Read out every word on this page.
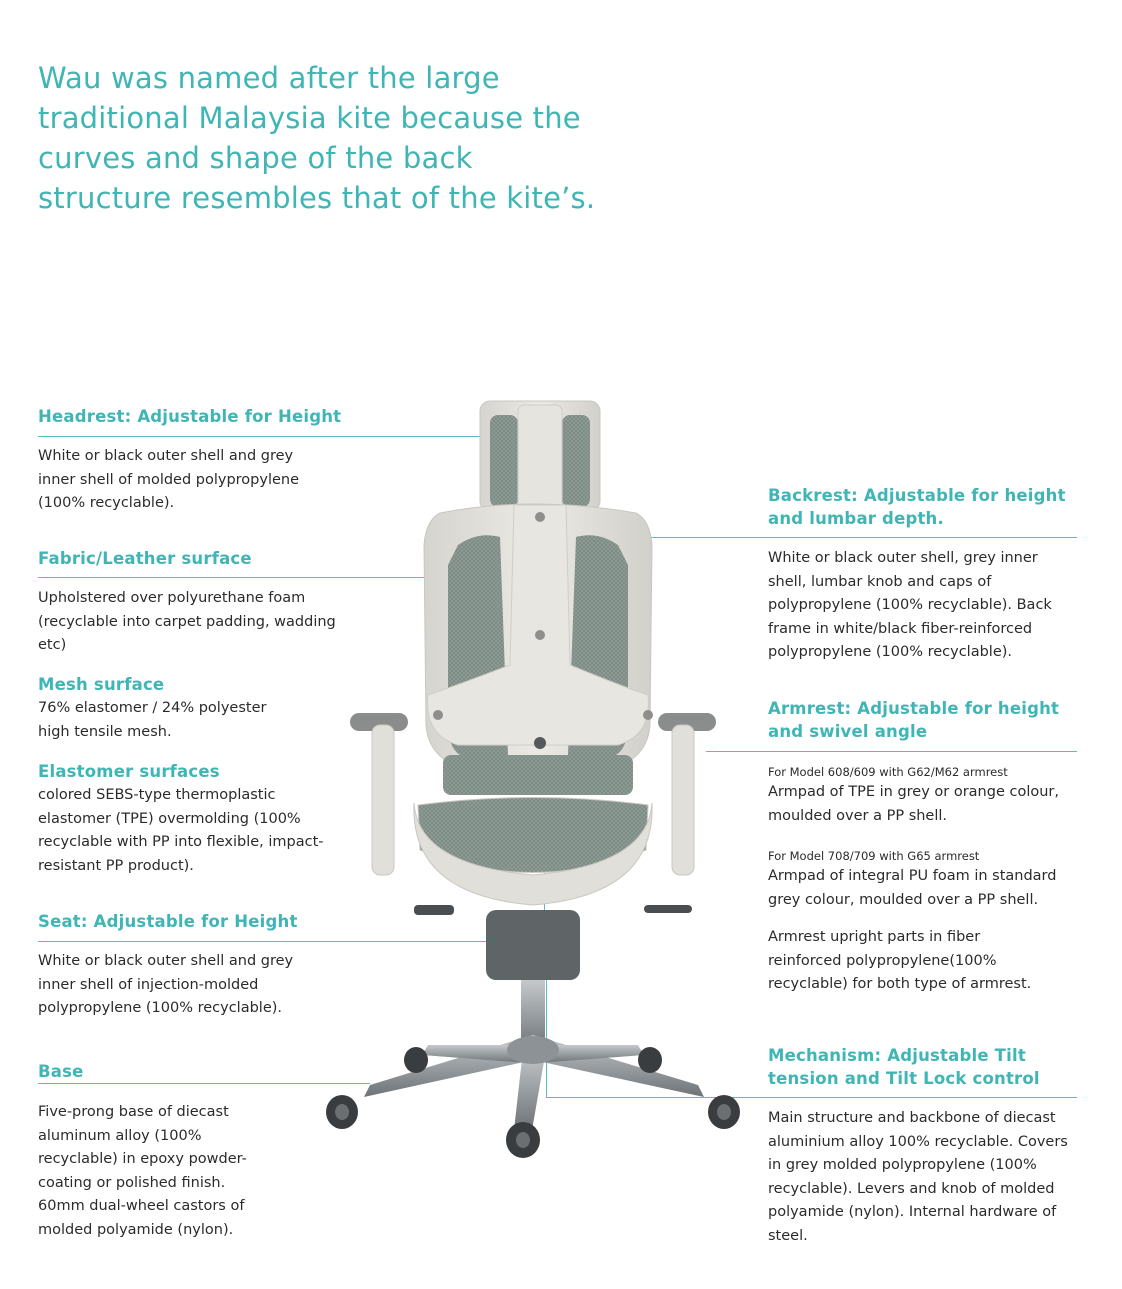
Wau was named after the large traditional Malaysia kite because the curves and shape of the back structure resembles that of the kite’s.
Headrest: Adjustable for Height

White or black outer shell and grey inner shell of molded polypropylene (100% recyclable).

Fabric/Leather surface

Upholstered over polyurethane foam (recyclable into carpet padding, wadding etc)

Mesh surface

76% elastomer / 24% polyester high tensile mesh.

Elastomer surfaces

colored SEBS-type thermoplastic elastomer (TPE) overmolding (100% recyclable with PP into flexible, impact-resistant PP product).

Seat: Adjustable for Height

White or black outer shell and grey inner shell of injection-molded polypropylene (100% recyclable).

Base

Five-prong base of diecast aluminum alloy (100% recyclable) in epoxy powder-coating or polished finish. 60mm dual-wheel castors of molded polyamide (nylon).

Backrest: Adjustable for height and lumbar depth.

White or black outer shell, grey inner shell, lumbar knob and caps of polypropylene (100% recyclable). Back frame in white/black fiber-reinforced polypropylene (100% recyclable).

Armrest: Adjustable for height and swivel angle

For Model 608/609 with G62/M62 armrest

Armpad of TPE in grey or orange colour, moulded over a PP shell.

For Model 708/709 with G65 armrest

Armpad of integral PU foam in standard grey colour, moulded over a PP shell.

Armrest upright parts in fiber reinforced polypropylene(100% recyclable) for both type of armrest.

Mechanism: Adjustable Tilt tension and Tilt Lock control

Main structure and backbone of diecast aluminium alloy 100% recyclable. Covers in grey molded polypropylene (100% recyclable). Levers and knob of molded polyamide (nylon). Internal hardware of steel.
